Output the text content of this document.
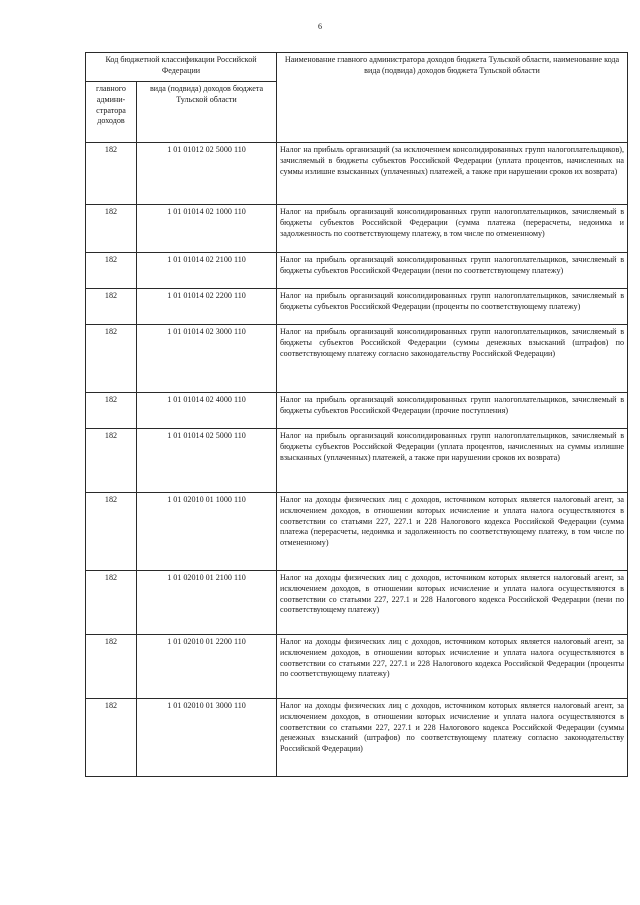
6
Код бюджетной классификации Российской Федерации		Наименование главного администратора доходов бюджета Тульской области, наименование кода вида (подвида) доходов бюджета Тульской области
главного админи-стратора доходов	вида (подвида) доходов бюджета Тульской области	
182	1 01 01012 02 5000 110	Налог на прибыль организаций (за исключением консолидированных групп налогоплательщиков), зачисляемый в бюджеты субъектов Российской Федерации (уплата процентов, начисленных на суммы излишне взысканных (уплаченных) платежей, а также при нарушении сроков их возврата)
182	1 01 01014 02 1000 110	Налог на прибыль организаций консолидированных групп налогоплательщиков, зачисляемый в бюджеты субъектов Российской Федерации (сумма платежа (перерасчеты, недоимка и задолженность по соответствующему платежу, в том числе по отмененному)
182	1 01 01014 02 2100 110	Налог на прибыль организаций консолидированных групп налогоплательщиков, зачисляемый в бюджеты субъектов Российской Федерации (пени по соответствующему платежу)
182	1 01 01014 02 2200 110	Налог на прибыль организаций консолидированных групп налогоплательщиков, зачисляемый в бюджеты субъектов Российской Федерации (проценты по соответствующему платежу)
182	1 01 01014 02 3000 110	Налог на прибыль организаций консолидированных групп налогоплательщиков, зачисляемый в бюджеты субъектов Российской Федерации (суммы денежных взысканий (штрафов) по соответствующему платежу согласно законодательству Российской Федерации)
182	1 01 01014 02 4000 110	Налог на прибыль организаций консолидированных групп налогоплательщиков, зачисляемый в бюджеты субъектов Российской Федерации (прочие поступления)
182	1 01 01014 02 5000 110	Налог на прибыль организаций консолидированных групп налогоплательщиков, зачисляемый в бюджеты субъектов Российской Федерации (уплата процентов, начисленных на суммы излишне взысканных (уплаченных) платежей, а также при нарушении сроков их возврата)
182	1 01 02010 01 1000 110	Налог на доходы физических лиц с доходов, источником которых является налоговый агент, за исключением доходов, в отношении которых исчисление и уплата налога осуществляются в соответствии со статьями 227, 227.1 и 228 Налогового кодекса Российской Федерации (сумма платежа (перерасчеты, недоимка и задолженность по соответствующему платежу, в том числе по отмененному)
182	1 01 02010 01 2100 110	Налог на доходы физических лиц с доходов, источником которых является налоговый агент, за исключением доходов, в отношении которых исчисление и уплата налога осуществляются в соответствии со статьями 227, 227.1 и 228 Налогового кодекса Российской Федерации (пени по соответствующему платежу)
182	1 01 02010 01 2200 110	Налог на доходы физических лиц с доходов, источником которых является налоговый агент, за исключением доходов, в отношении которых исчисление и уплата налога осуществляются в соответствии со статьями 227, 227.1 и 228 Налогового кодекса Российской Федерации (проценты по соответствующему платежу)
182	1 01 02010 01 3000 110	Налог на доходы физических лиц с доходов, источником которых является налоговый агент, за исключением доходов, в отношении которых исчисление и уплата налога осуществляются в соответствии со статьями 227, 227.1 и 228 Налогового кодекса Российской Федерации (суммы денежных взысканий (штрафов) по соответствующему платежу согласно законодательству Российской Федерации)
